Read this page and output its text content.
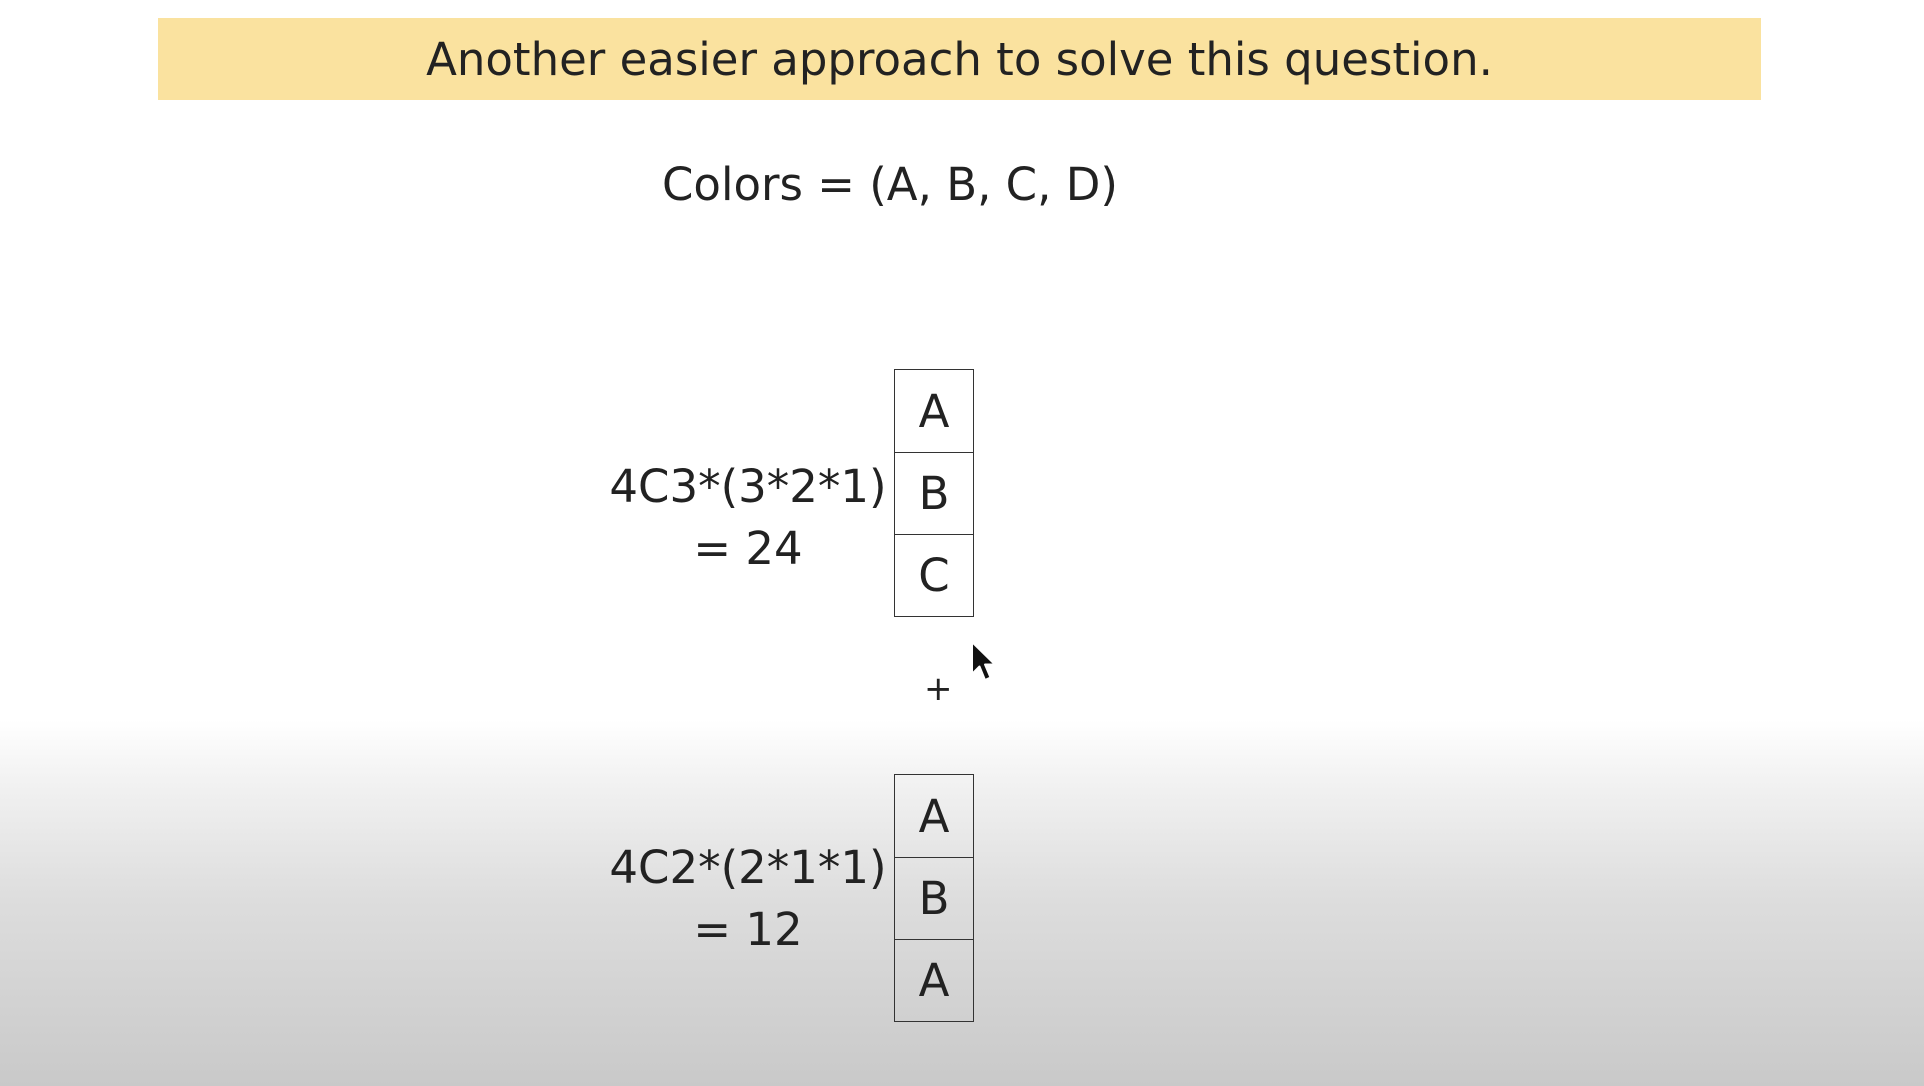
Another easier approach to solve this question.
Colors = (A, B, C, D)
4C3*(3*2*1)
= 24
A
B
C
+
4C2*(2*1*1)
= 12
A
B
A
